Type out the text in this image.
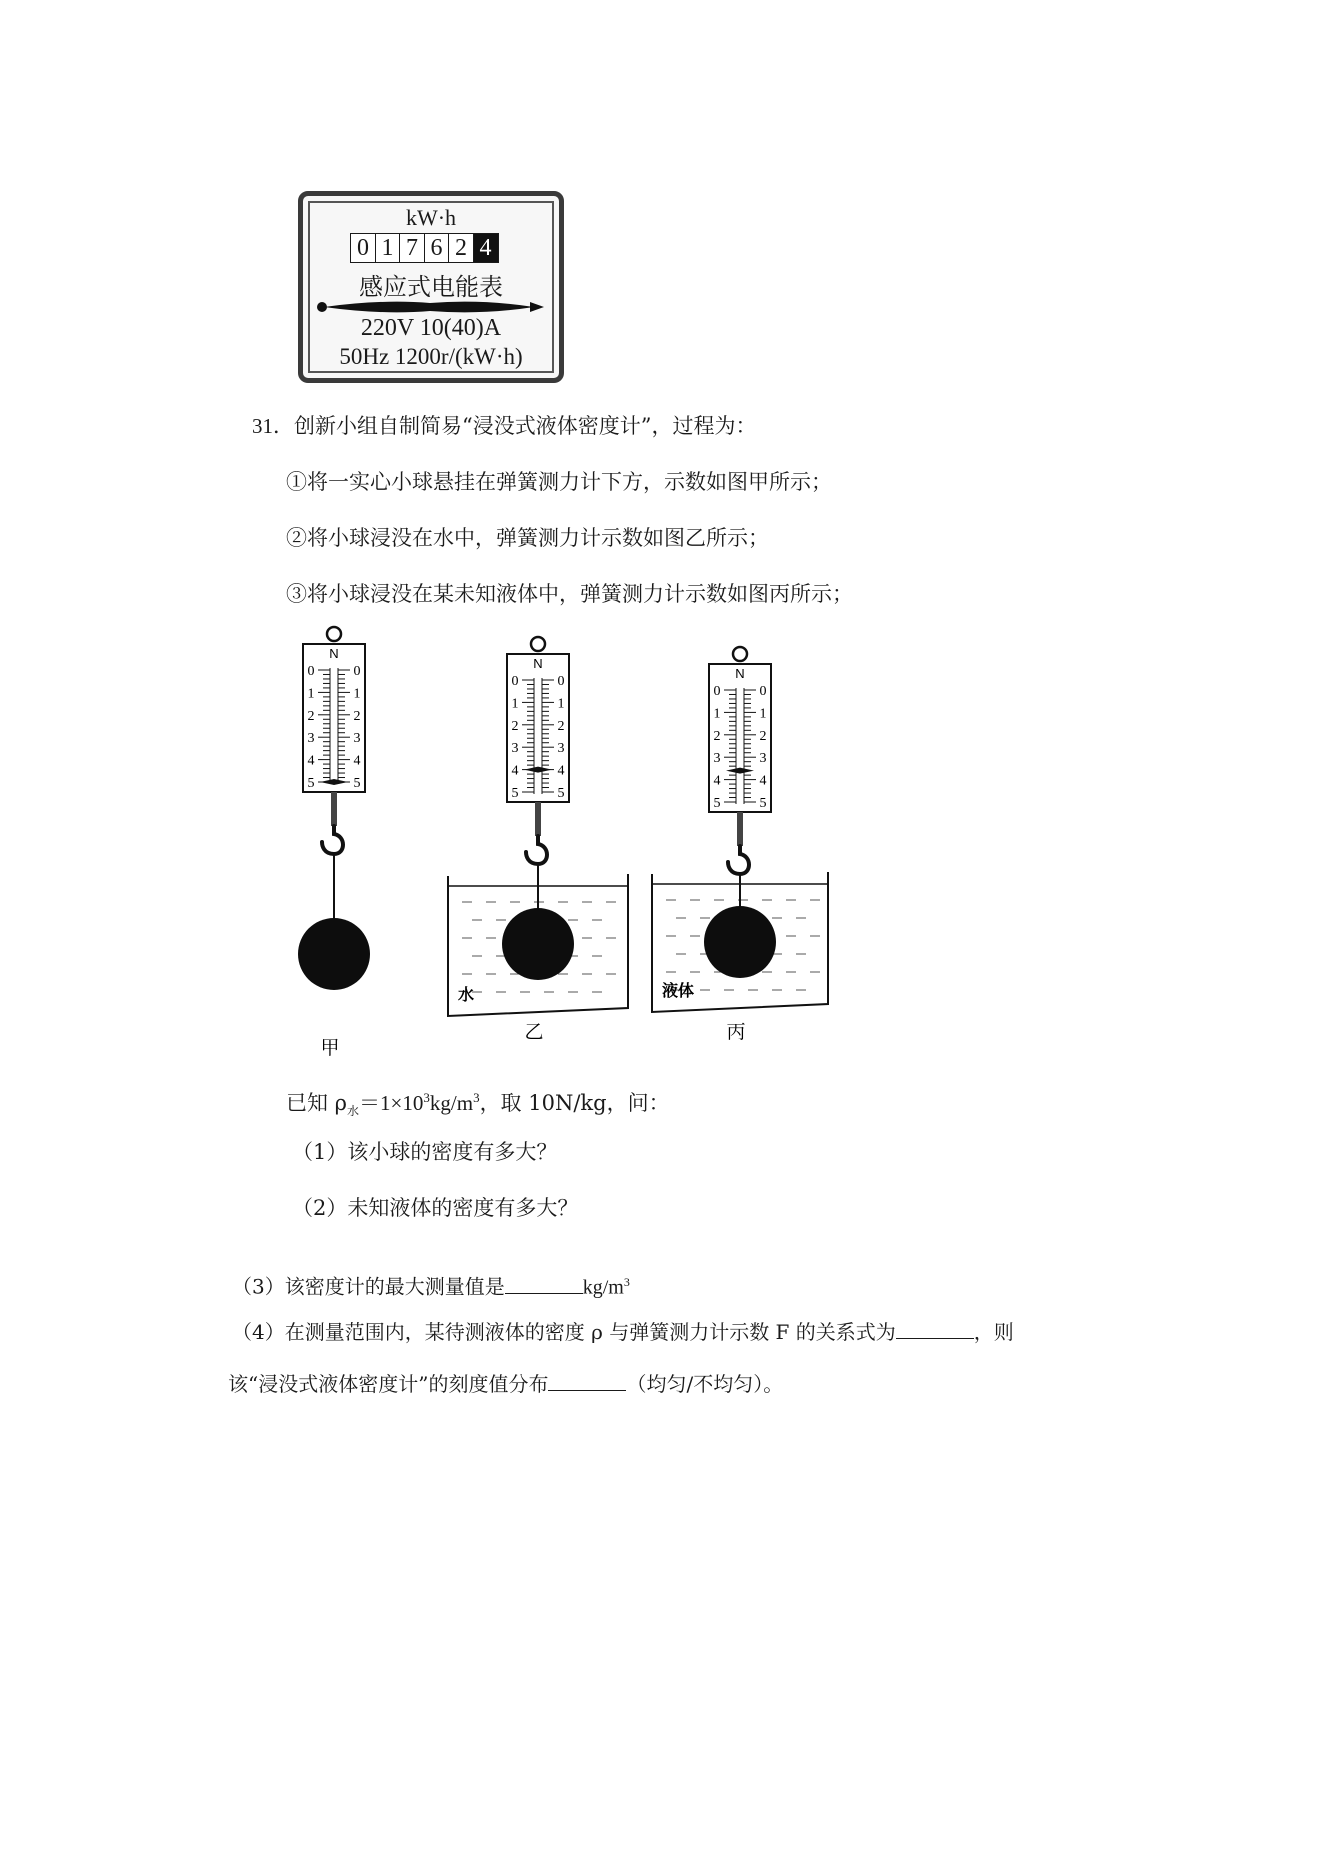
kW·h
0 1 7 6 2 4
感应式电能表
220V 10(40)A
50Hz 1200r/(kW·h)
31．创新小组自制简易“浸没式液体密度计”，过程为：
①将一实心小球悬挂在弹簧测力计下方，示数如图甲所示；
②将小球浸没在水中，弹簧测力计示数如图乙所示；
③将小球浸没在某未知液体中，弹簧测力计示数如图丙所示；
N
0	0
1	1
2	2
3	3
4	4
5	5
甲
N
0	0
1	1
2	2
3	3
4	4
5	5
水
乙
N
0	0
1	1
2	2
3	3
4	4
5	5
液体
丙
已知 $\rho_水=1\times 10^3kg/m^3$，取 10N/kg，问：
（1）该小球的密度有多大？
（2）未知液体的密度有多大？
（3）该密度计的最大测量值是	$kg/m^3$
（4）在测量范围内，某待测液体的密度 ρ 与弹簧测力计示数 F 的关系式为	，则
该“浸没式液体密度计”的刻度值分布	（均匀/不均匀）。
